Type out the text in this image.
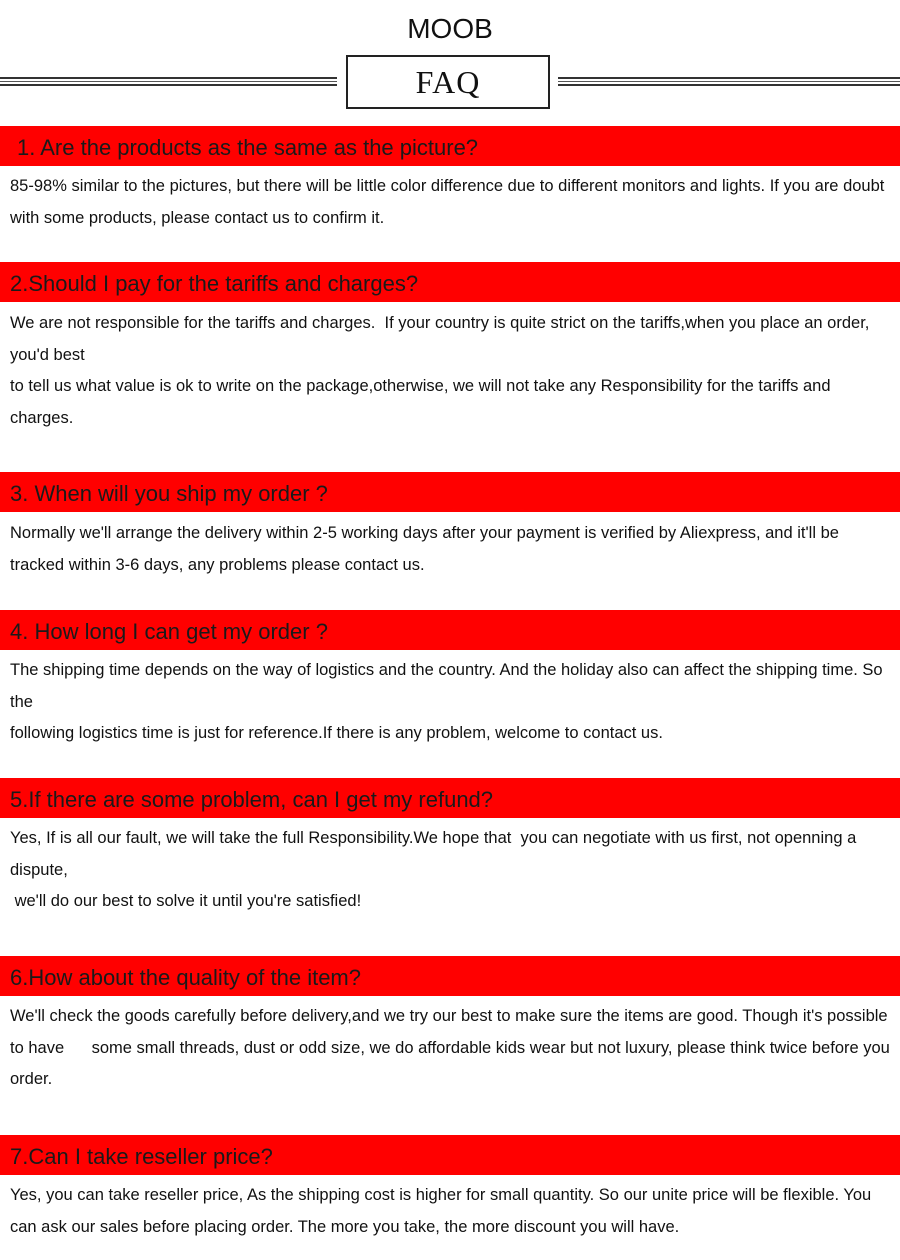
MOOB
FAQ
1. Are the products as the same as the picture?
85-98% similar to the pictures, but there will be little color difference due to different monitors and lights. If you are doubt with some products, please contact us to confirm it.
2.Should I pay for the tariffs and charges?
We are not responsible for the tariffs and charges.  If your country is quite strict on the tariffs,when you place an order, you'd best
to tell us what value is ok to write on the package,otherwise, we will not take any Responsibility for the tariffs and charges.
3. When will you ship my order ?
Normally we'll arrange the delivery within 2-5 working days after your payment is verified by Aliexpress, and it'll be tracked within 3-6 days, any problems please contact us.
4. How long I can get my order ?
The shipping time depends on the way of logistics and the country. And the holiday also can affect the shipping time. So the
following logistics time is just for reference.If there is any problem, welcome to contact us.
5.If there are some problem, can I get my refund?
Yes, If is all our fault, we will take the full Responsibility.We hope that  you can negotiate with us first, not openning a dispute,
we'll do our best to solve it until you're satisfied!
6.How about the quality of the item?
We'll check the goods carefully before delivery,and we try our best to make sure the items are good. Though it's possible to have      some small threads, dust or odd size, we do affordable kids wear but not luxury, please think twice before you order.
7.Can I take reseller price?
Yes, you can take reseller price, As the shipping cost is higher for small quantity. So our unite price will be flexible. You can ask our sales before placing order. The more you take, the more discount you will have.
